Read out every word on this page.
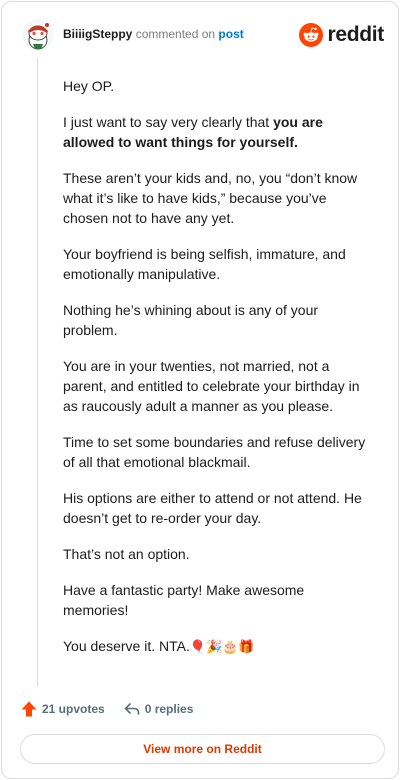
BiiiigSteppy commented on post	reddit

Hey OP.

I just want to say very clearly that you are allowed to want things for yourself.

These aren’t your kids and, no, you “don’t know what it’s like to have kids,” because you’ve chosen not to have any yet.

Your boyfriend is being selfish, immature, and emotionally manipulative.

Nothing he’s whining about is any of your problem.

You are in your twenties, not married, not a parent, and entitled to celebrate your birthday in as raucously adult a manner as you please.

Time to set some boundaries and refuse delivery of all that emotional blackmail.

His options are either to attend or not attend. He doesn’t get to re-order your day.

That’s not an option.

Have a fantastic party! Make awesome memories!

You deserve it. NTA.🎈🎉🎂🎁

21 upvotes	0 replies
View more on Reddit
